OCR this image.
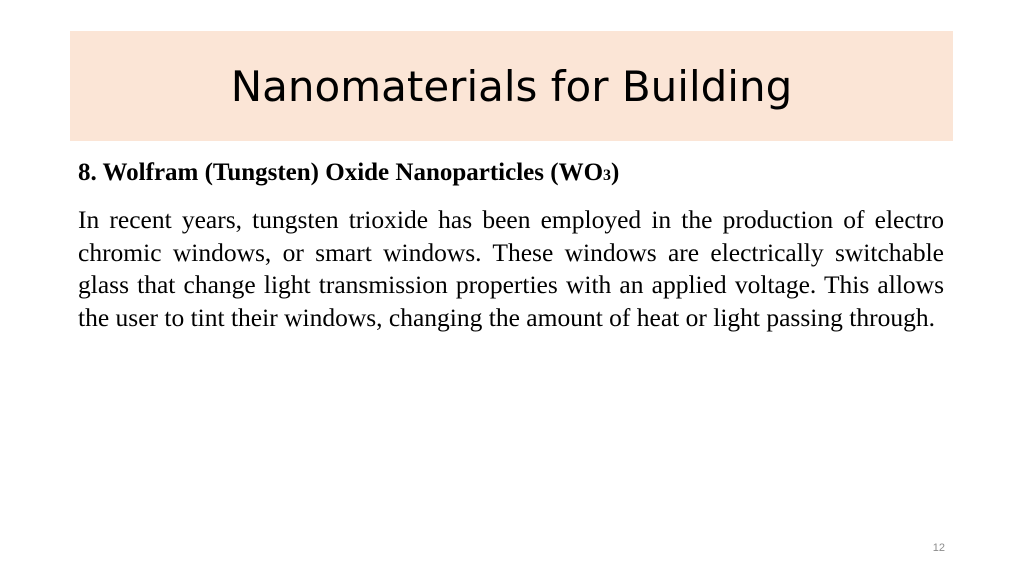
Nanomaterials for Building

8. Wolfram (Tungsten) Oxide Nanoparticles (WO3)

In recent years, tungsten trioxide has been employed in the production of electro chromic windows, or smart windows. These windows are electrically switchable glass that change light transmission properties with an applied voltage. This allows the user to tint their windows, changing the amount of heat or light passing through.

12
